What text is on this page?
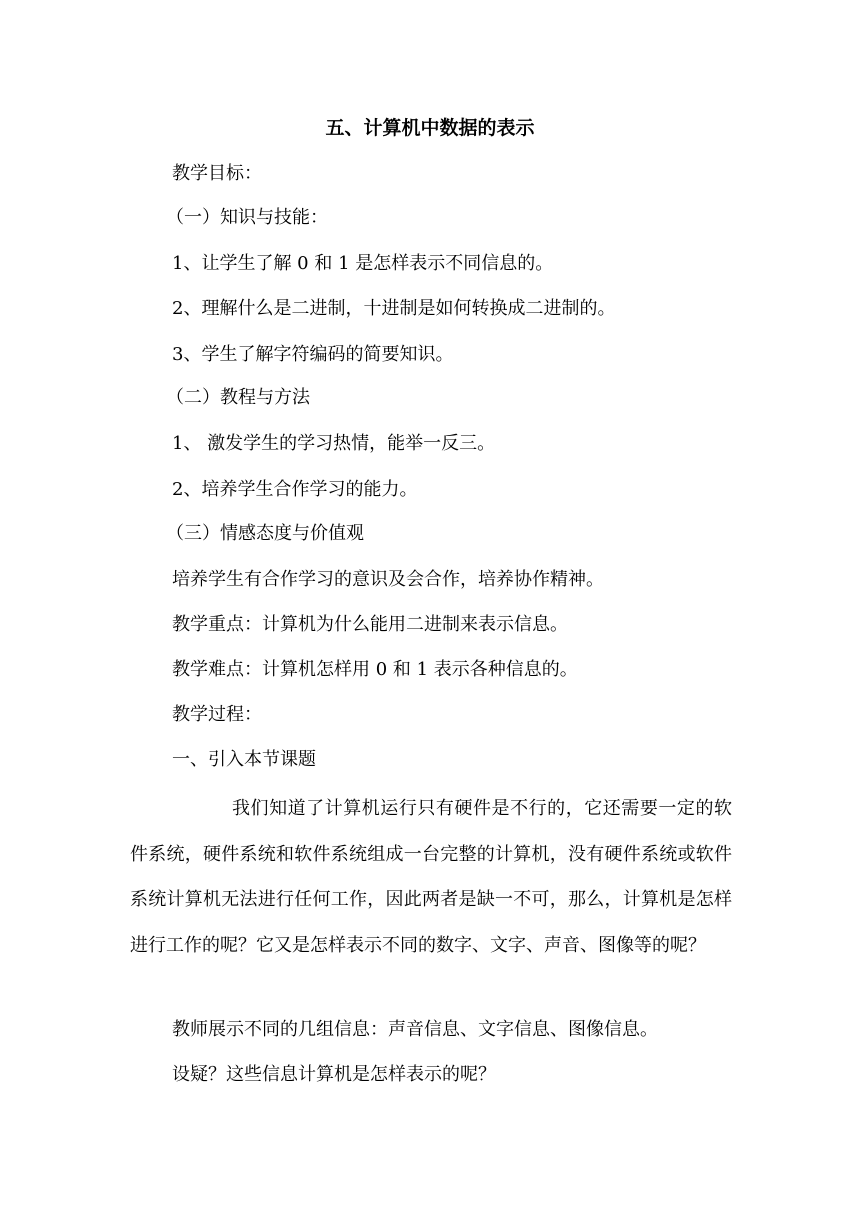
五、计算机中数据的表示
教学目标：
（一）知识与技能：
1、让学生了解 0 和 1 是怎样表示不同信息的。
2、理解什么是二进制，十进制是如何转换成二进制的。
3、学生了解字符编码的简要知识。
（二）教程与方法
1、 激发学生的学习热情，能举一反三。
2、培养学生合作学习的能力。
（三）情感态度与价值观
培养学生有合作学习的意识及会合作，培养协作精神。
教学重点：计算机为什么能用二进制来表示信息。
教学难点：计算机怎样用 0 和 1 表示各种信息的。
教学过程：
一、引入本节课题
我们知道了计算机运行只有硬件是不行的，它还需要一定的软件系统，硬件系统和软件系统组成一台完整的计算机，没有硬件系统或软件系统计算机无法进行任何工作，因此两者是缺一不可，那么，计算机是怎样进行工作的呢？它又是怎样表示不同的数字、文字、声音、图像等的呢？
教师展示不同的几组信息：声音信息、文字信息、图像信息。
设疑？这些信息计算机是怎样表示的呢？
